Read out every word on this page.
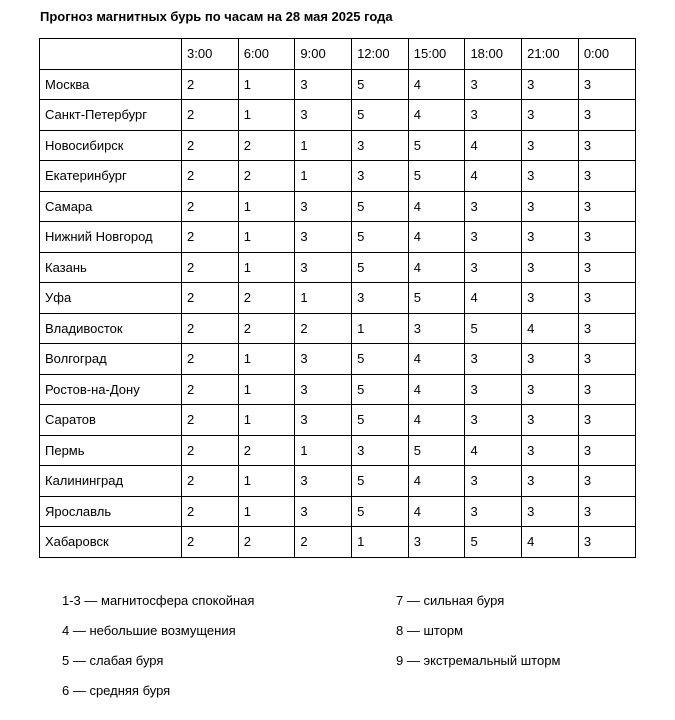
Прогноз магнитных бурь по часам на 28 мая 2025 года
	3:00	6:00	9:00	12:00	15:00	18:00	21:00	0:00
Москва	2	1	3	5	4	3	3	3
Санкт-Петербург	2	1	3	5	4	3	3	3
Новосибирск	2	2	1	3	5	4	3	3
Екатеринбург	2	2	1	3	5	4	3	3
Самара	2	1	3	5	4	3	3	3
Нижний Новгород	2	1	3	5	4	3	3	3
Казань	2	1	3	5	4	3	3	3
Уфа	2	2	1	3	5	4	3	3
Владивосток	2	2	2	1	3	5	4	3
Волгоград	2	1	3	5	4	3	3	3
Ростов-на-Дону	2	1	3	5	4	3	3	3
Саратов	2	1	3	5	4	3	3	3
Пермь	2	2	1	3	5	4	3	3
Калининград	2	1	3	5	4	3	3	3
Ярославль	2	1	3	5	4	3	3	3
Хабаровск	2	2	2	1	3	5	4	3
1-3 — магнитосфера спокойная
4 — небольшие возмущения
5 — слабая буря
6 — средняя буря
7 — сильная буря
8 — шторм
9 — экстремальный шторм
